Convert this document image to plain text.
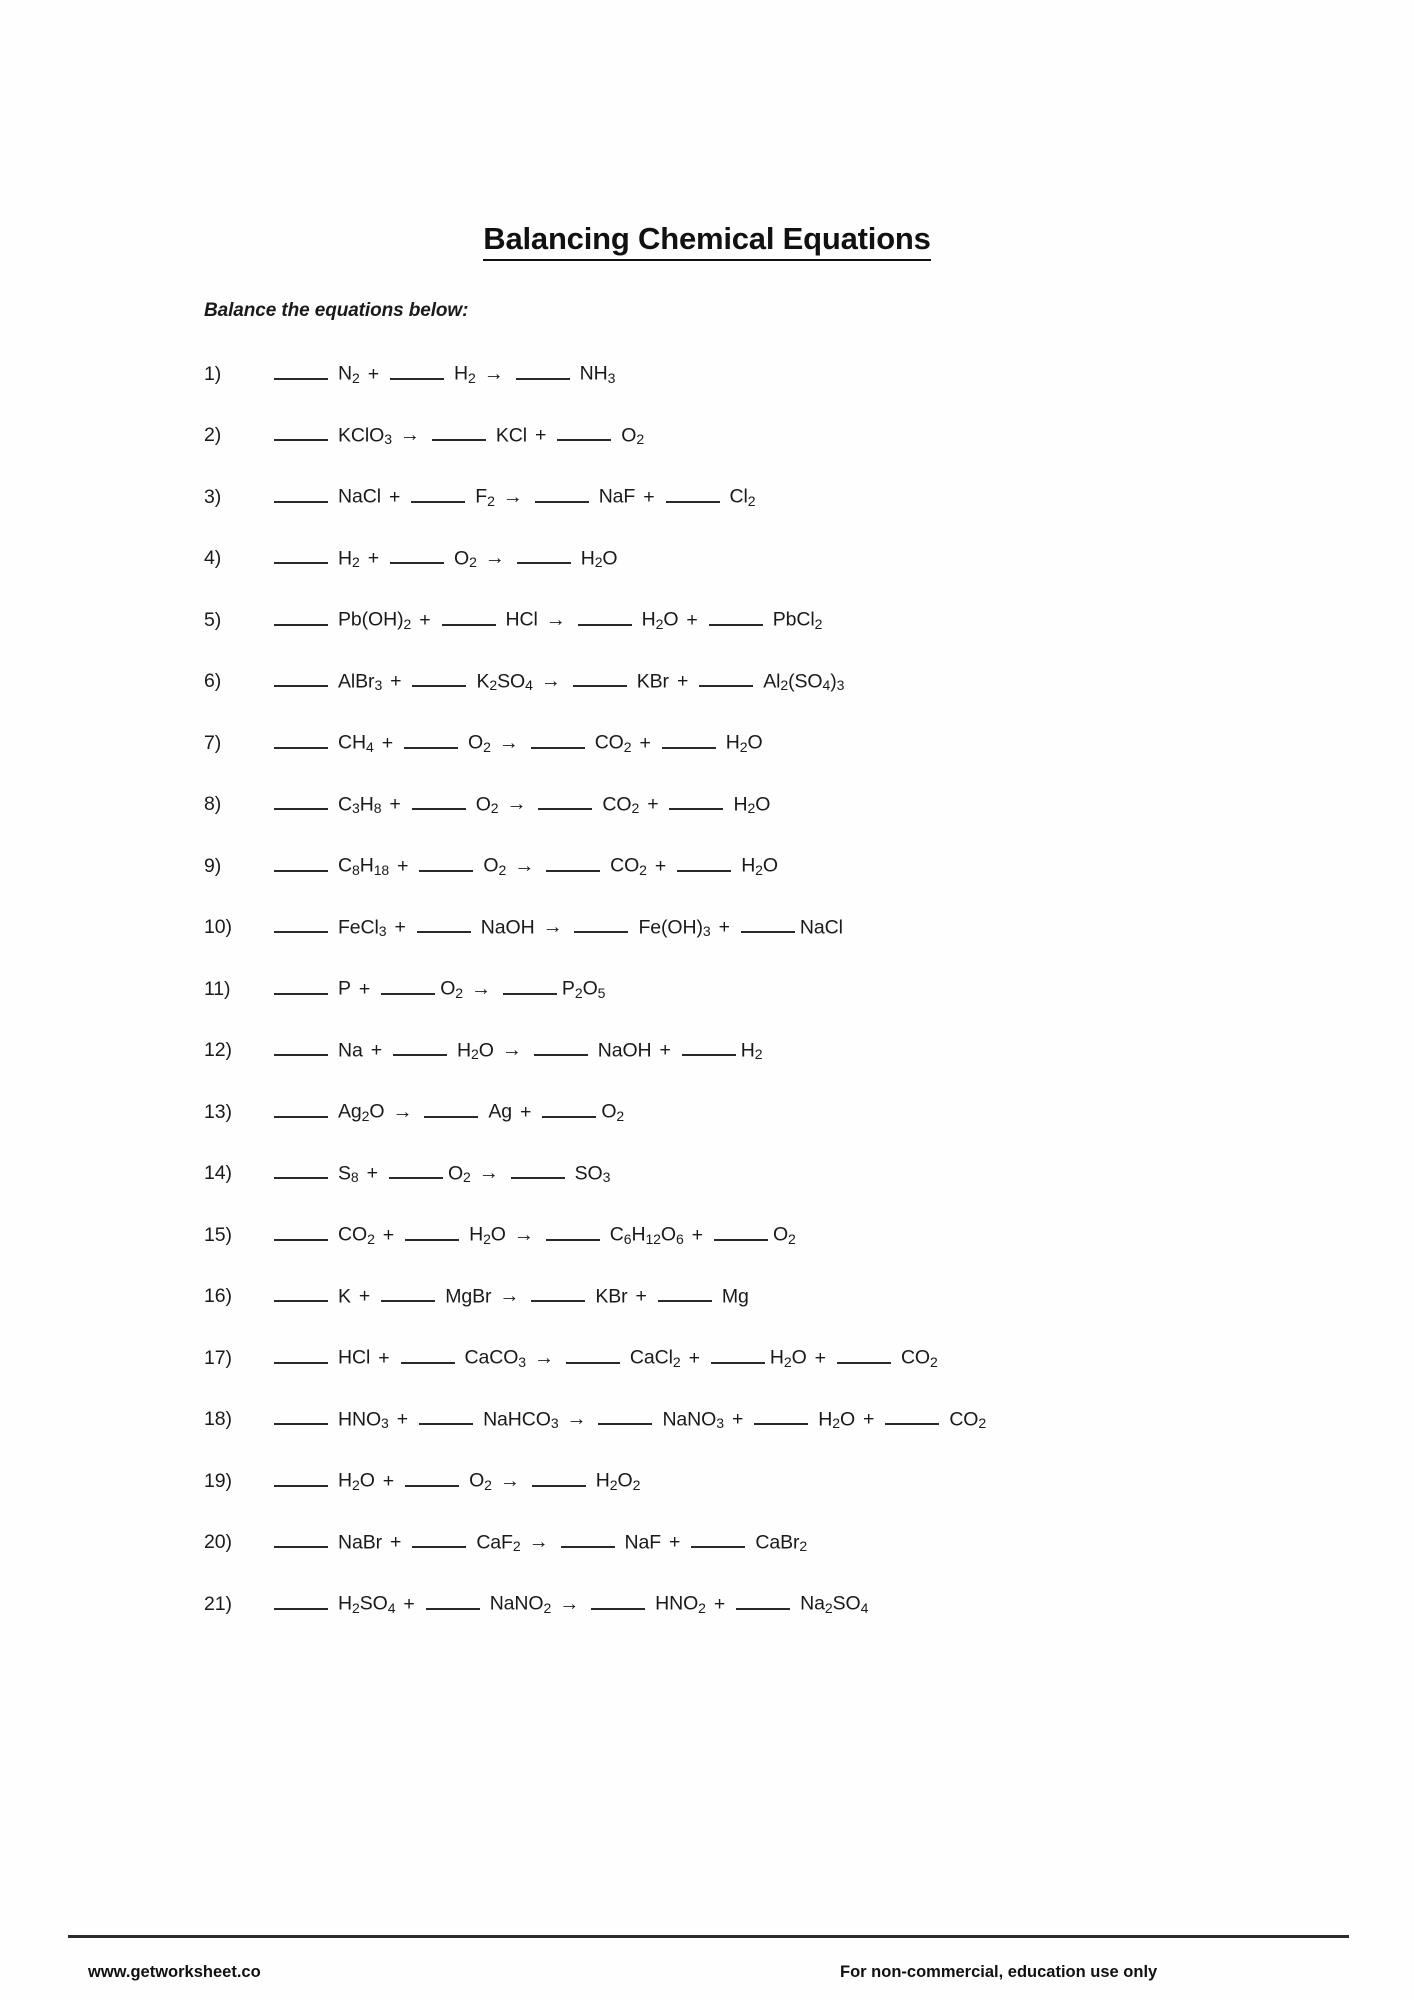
Balancing Chemical Equations
Balance the equations below:
1)	$N_2$ +	$H_2$ →	$NH_3$
2)	KClO$_3$ →	KCl +	$O_2$
3)	NaCl +	$F_2$ →	NaF +	$Cl_2$
4)	$H_2$ +	$O_2$ →	$H_2O$
5)	$Pb(OH)_2$ +	HCl →	$H_2O$ +	PbCl$_2$
6)	AlBr$_3$ +	$K_2SO_4$ →	KBr +	$Al_2(SO_4)_3$
7)	$CH_4$ +	$O_2$ →	$CO_2$ +	$H_2O$
8)	$C_3H_8$ +	$O_2$ →	$CO_2$ +	$H_2O$
9)	$C_8H_{18}$ +	$O_2$ →	$CO_2$ +	$H_2O$
10)	FeCl$_3$ +	NaOH →	$Fe(OH)_3$ +	NaCl
11)	P +	$O_2$ →	$P_2O_5$
12)	Na +	$H_2O$ →	NaOH +	$H_2$
13)	$Ag_2O$ →	Ag +	$O_2$
14)	$S_8$ +	$O_2$ →	$SO_3$
15)	$CO_2$ +	$H_2O$ →	$C_6H_{12}O_6$ +	$O_2$
16)	K +	MgBr →	KBr +	Mg
17)	HCl +	CaCO$_3$ →	CaCl$_2$ +	$H_2O$ +	$CO_2$
18)	$HNO_3$ +	NaHCO$_3$ →	NaNO$_3$ +	$H_2O$ +	$CO_2$
19)	$H_2O$ +	$O_2$ →	$H_2O_2$
20)	NaBr +	CaF$_2$ →	NaF +	CaBr$_2$
21)	$H_2SO_4$ +	NaNO$_2$ →	$HNO_2$ +	$Na_2SO_4$
www.getworksheet.co	For non-commercial, education use only
